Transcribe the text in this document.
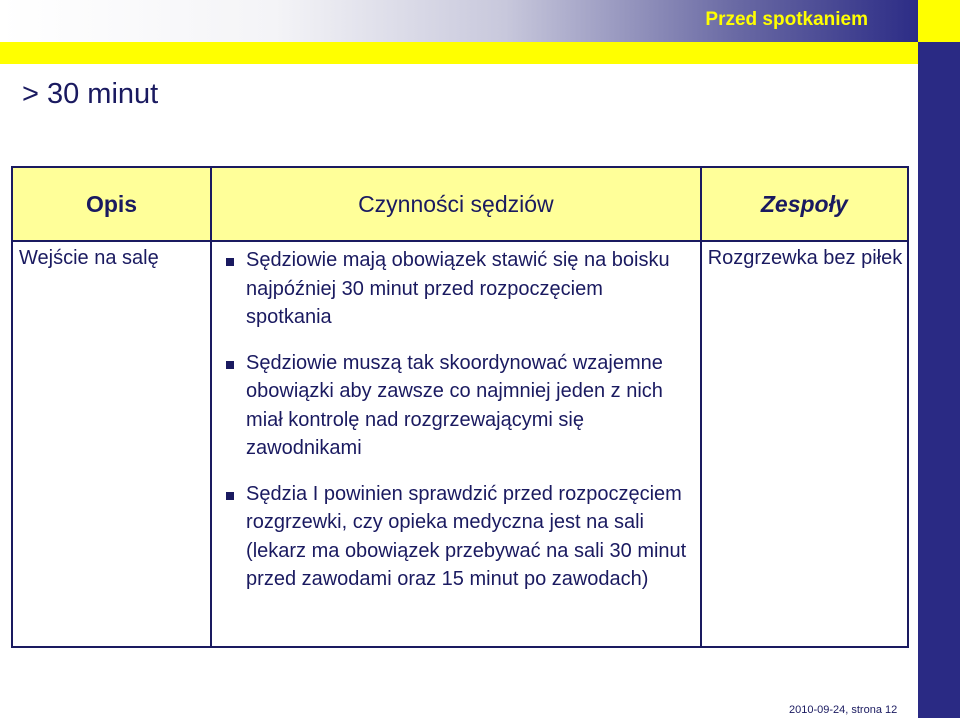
Przed spotkaniem
> 30 minut
Opis	Czynności sędziów	Zespoły
Wejście na salę	Sędziowie mają obowiązek stawić się na boisku najpóźniej 30 minut przed rozpoczęciem spotkania
Sędziowie muszą tak skoordynować wzajemne obowiązki aby zawsze co najmniej jeden z nich miał kontrolę nad rozgrzewającymi się zawodnikami
Sędzia I powinien sprawdzić przed rozpoczęciem rozgrzewki, czy opieka medyczna jest na sali (lekarz ma obowiązek przebywać na sali 30 minut przed zawodami oraz 15 minut po zawodach)	Rozgrzewka bez piłek
2010-09-24, strona 12
